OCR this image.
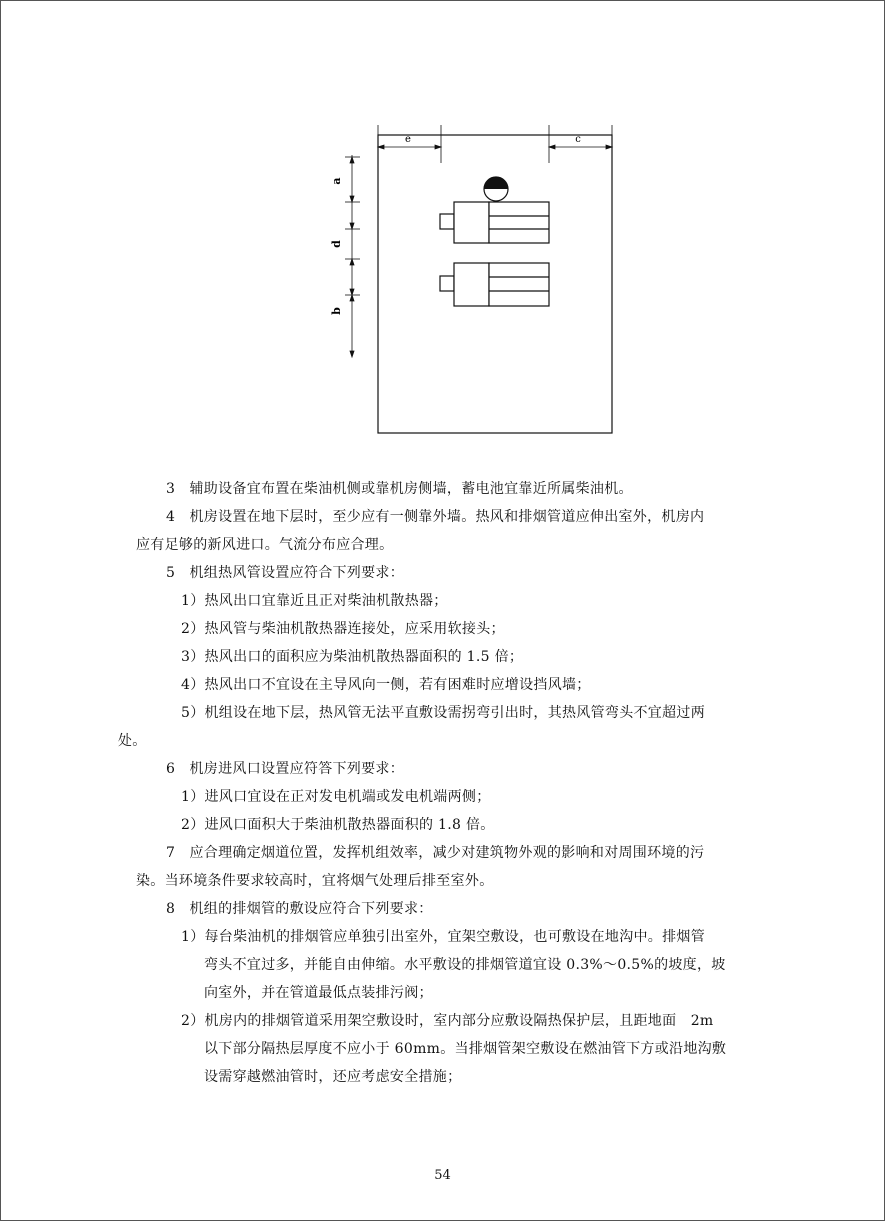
e	c
a
d
b

3　辅助设备宜布置在柴油机侧或靠机房侧墙，蓄电池宜靠近所属柴油机。

4　机房设置在地下层时，至少应有一侧靠外墙。热风和排烟管道应伸出室外，机房内

应有足够的新风进口。气流分布应合理。

5　机组热风管设置应符合下列要求：

1）热风出口宜靠近且正对柴油机散热器；

2）热风管与柴油机散热器连接处，应采用软接头；

3）热风出口的面积应为柴油机散热器面积的 1.5 倍；

4）热风出口不宜设在主导风向一侧，若有困难时应增设挡风墙；

5）机组设在地下层，热风管无法平直敷设需拐弯引出时，其热风管弯头不宜超过两

处。

6　机房进风口设置应符答下列要求：

1）进风口宜设在正对发电机端或发电机端两侧；

2）进风口面积大于柴油机散热器面积的 1.8 倍。

7　应合理确定烟道位置，发挥机组效率，减少对建筑物外观的影响和对周围环境的污

染。当环境条件要求较高时，宜将烟气处理后排至室外。

8　机组的排烟管的敷设应符合下列要求：

1）每台柴油机的排烟管应单独引出室外，宜架空敷设，也可敷设在地沟中。排烟管

弯头不宜过多，并能自由伸缩。水平敷设的排烟管道宜设 0.3%～0.5%的坡度，坡

向室外，并在管道最低点装排污阀；

2）机房内的排烟管道采用架空敷设时，室内部分应敷设隔热保护层，且距地面　2m

以下部分隔热层厚度不应小于 60mm。当排烟管架空敷设在燃油管下方或沿地沟敷

设需穿越燃油管时，还应考虑安全措施；

54
